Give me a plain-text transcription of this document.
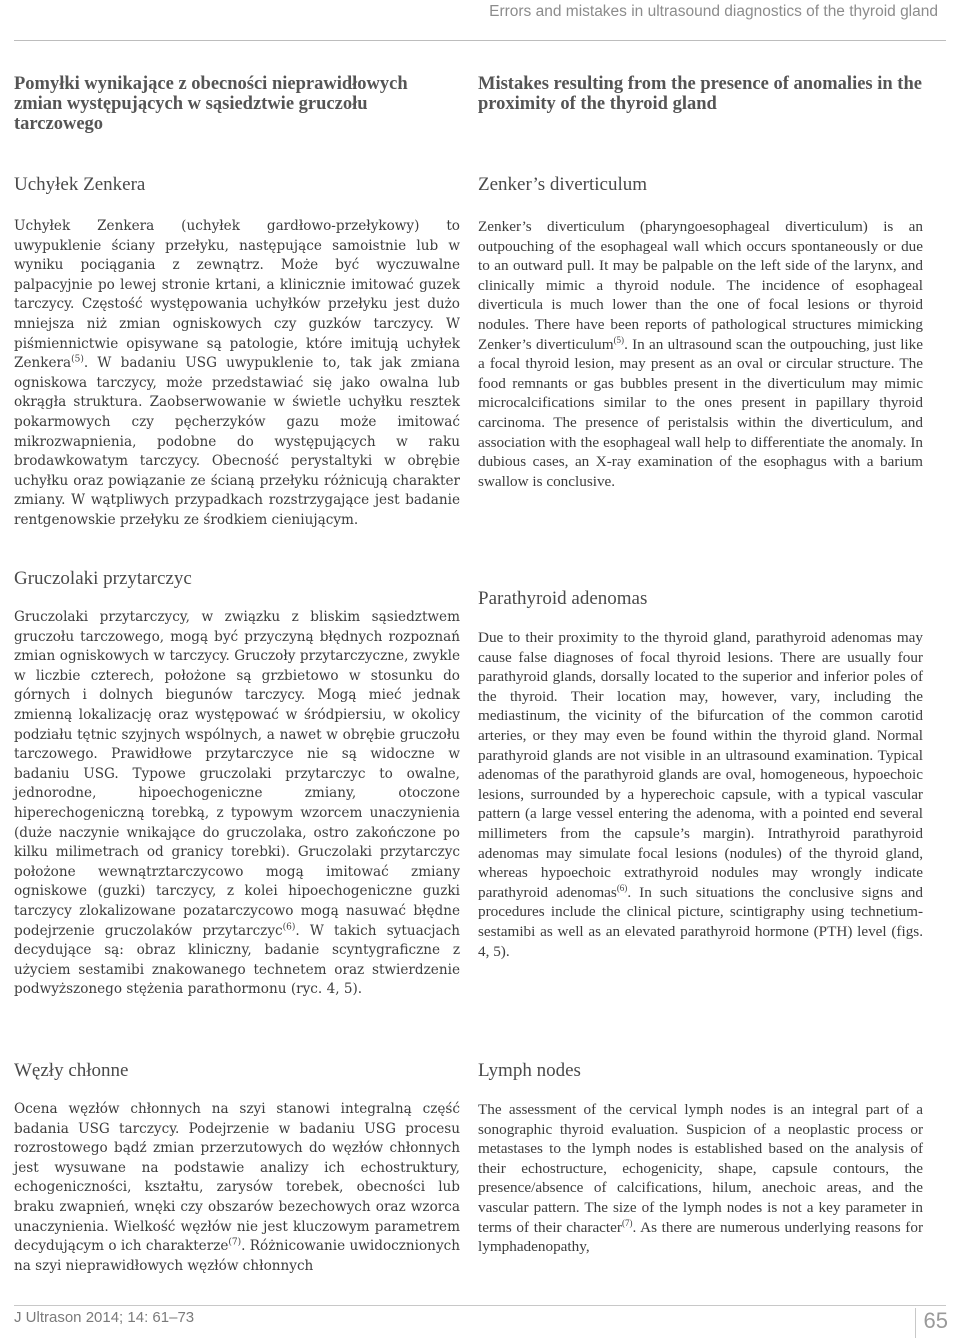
Errors and mistakes in ultrasound diagnostics of the thyroid gland
Pomyłki wynikające z obecności nieprawidłowych zmian występujących w sąsiedztwie gruczołu tarczowego
Uchyłek Zenkera

Uchyłek Zenkera (uchyłek gardłowo-przełykowy) to uwypuklenie ściany przełyku, następujące samoistnie lub w wyniku pociągania z zewnątrz. Może być wyczuwalne palpacyjnie po lewej stronie krtani, a klinicznie imitować guzek tarczycy. Częstość występowania uchyłków przełyku jest dużo mniejsza niż zmian ogniskowych czy guzków tarczycy. W piśmiennictwie opisywane są patologie, które imitują uchyłek Zenkera$^{(5)}$. W badaniu USG uwypuklenie to, tak jak zmiana ogniskowa tarczycy, może przedstawiać się jako owalna lub okrągła struktura. Zaobserwowanie w świetle uchyłku resztek pokarmowych czy pęcherzyków gazu może imitować mikrozwapnienia, podobne do występujących w raku brodawkowatym tarczycy. Obecność perystaltyki w obrębie uchyłku oraz powiązanie ze ścianą przełyku różnicują charakter zmiany. W wątpliwych przypadkach rozstrzygające jest badanie rentgenowskie przełyku ze środkiem cieniującym.

Gruczolaki przytarczyc

Gruczolaki przytarczycy, w związku z bliskim sąsiedztwem gruczołu tarczowego, mogą być przyczyną błędnych rozpoznań zmian ogniskowych w tarczycy. Gruczoły przytarczyczne, zwykle w liczbie czterech, położone są grzbietowo w stosunku do górnych i dolnych biegunów tarczycy. Mogą mieć jednak zmienną lokalizację oraz występować w śródpiersiu, w okolicy podziału tętnic szyjnych wspólnych, a nawet w obrębie gruczołu tarczowego. Prawidłowe przytarczyce nie są widoczne w badaniu USG. Typowe gruczolaki przytarczyc to owalne, jednorodne, hipoechogeniczne zmiany, otoczone hiperechogeniczną torebką, z typowym wzorcem unaczynienia (duże naczynie wnikające do gruczolaka, ostro zakończone po kilku milimetrach od granicy torebki). Gruczolaki przytarczyc położone wewnątrztarczycowo mogą imitować zmiany ogniskowe (guzki) tarczycy, z kolei hipoechogeniczne guzki tarczycy zlokalizowane pozatarczycowo mogą nasuwać błędne podejrzenie gruczolaków przytarczyc$^{(6)}$. W takich sytuacjach decydujące są: obraz kliniczny, badanie scyntygraficzne z użyciem sestamibi znakowanego technetem oraz stwierdzenie podwyższonego stężenia parathormonu (ryc. 4, 5).

Węzły chłonne

Ocena węzłów chłonnych na szyi stanowi integralną część badania USG tarczycy. Podejrzenie w badaniu USG procesu rozrostowego bądź zmian przerzutowych do węzłów chłonnych jest wysuwane na podstawie analizy ich echostruktury, echogeniczności, kształtu, zarysów torebek, obecności lub braku zwapnień, wnęki czy obszarów bezechowych oraz wzorca unaczynienia. Wielkość węzłów nie jest kluczowym parametrem decydującym o ich charakterze$^{(7)}$. Różnicowanie uwidocznionych na szyi nieprawidłowych węzłów chłonnych

Mistakes resulting from the presence of anomalies in the proximity of the thyroid gland
Zenker’s diverticulum

Zenker’s diverticulum (pharyngoesophageal diverticulum) is an outpouching of the esophageal wall which occurs spontaneously or due to an outward pull. It may be palpable on the left side of the larynx, and clinically mimic a thyroid nodule. The incidence of esophageal diverticula is much lower than the one of focal lesions or thyroid nodules. There have been reports of pathological structures mimicking Zenker’s diverticulum$^{(5)}$. In an ultrasound scan the outpouching, just like a focal thyroid lesion, may present as an oval or circular structure. The food remnants or gas bubbles present in the diverticulum may mimic microcalcifications similar to the ones present in papillary thyroid carcinoma. The presence of peristalsis within the diverticulum, and association with the esophageal wall help to differentiate the anomaly. In dubious cases, an X-ray examination of the esophagus with a barium swallow is conclusive.

Parathyroid adenomas

Due to their proximity to the thyroid gland, parathyroid adenomas may cause false diagnoses of focal thyroid lesions. There are usually four parathyroid glands, dorsally located to the superior and inferior poles of the thyroid. Their location may, however, vary, including the mediastinum, the vicinity of the bifurcation of the common carotid arteries, or they may even be found within the thyroid gland. Normal parathyroid glands are not visible in an ultrasound examination. Typical adenomas of the parathyroid glands are oval, homogeneous, hypoechoic lesions, surrounded by a hyperechoic capsule, with a typical vascular pattern (a large vessel entering the adenoma, with a pointed end several millimeters from the capsule’s margin). Intrathyroid parathyroid adenomas may simulate focal lesions (nodules) of the thyroid gland, whereas hypoechoic extrathyroid nodules may wrongly indicate parathyroid adenomas$^{(6)}$. In such situations the conclusive signs and procedures include the clinical picture, scintigraphy using technetium-sestamibi as well as an elevated parathyroid hormone (PTH) level (figs. 4, 5).

Lymph nodes

The assessment of the cervical lymph nodes is an integral part of a sonographic thyroid evaluation. Suspicion of a neoplastic process or metastases to the lymph nodes is established based on the analysis of their echostructure, echogenicity, shape, capsule contours, the presence/absence of calcifications, hilum, anechoic areas, and the vascular pattern. The size of the lymph nodes is not a key parameter in terms of their character$^{(7)}$. As there are numerous underlying reasons for lymphadenopathy,

J Ultrason 2014; 14: 61–73	65
